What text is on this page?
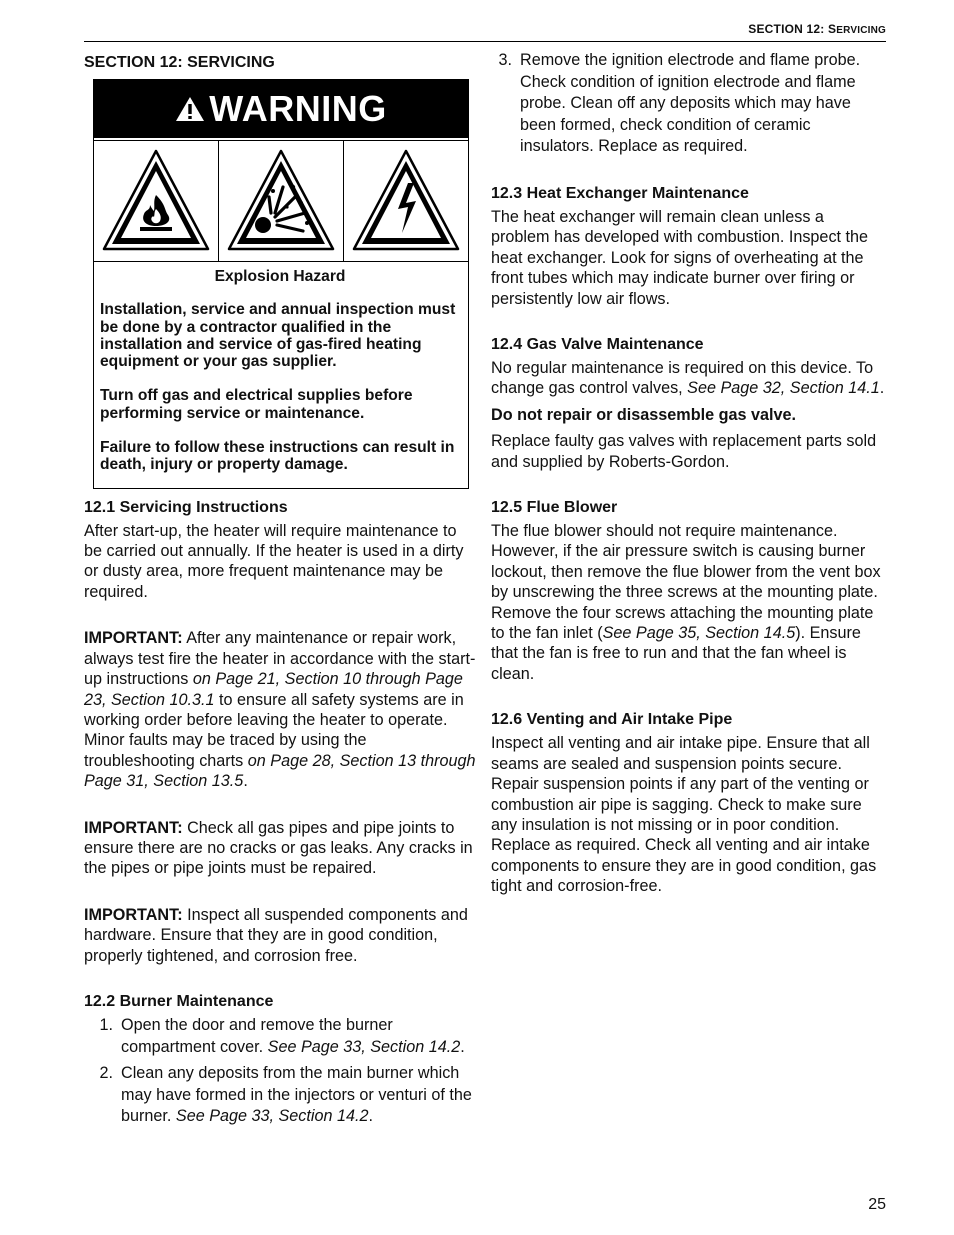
SECTION 12: SERVICING
SECTION 12: SERVICING
WARNING
Explosion Hazard

Installation, service and annual inspection must be done by a contractor qualified in the installation and service of gas-fired heating equipment or your gas supplier.

Turn off gas and electrical supplies before performing service or maintenance.

Failure to follow these instructions can result in death, injury or property damage.

12.1 Servicing Instructions

After start-up, the heater will require maintenance to be carried out annually. If the heater is used in a dirty or dusty area, more frequent maintenance may be required.

IMPORTANT: After any maintenance or repair work, always test fire the heater in accordance with the start-up instructions on Page 21, Section 10 through Page 23, Section 10.3.1 to ensure all safety systems are in working order before leaving the heater to operate. Minor faults may be traced by using the troubleshooting charts on Page 28, Section 13 through Page 31, Section 13.5.

IMPORTANT: Check all gas pipes and pipe joints to ensure there are no cracks or gas leaks. Any cracks in the pipes or pipe joints must be repaired.

IMPORTANT: Inspect all suspended components and hardware. Ensure that they are in good condition, properly tightened, and corrosion free.

12.2 Burner Maintenance
1. Open the door and remove the burner compartment cover. See Page 33, Section 14.2.
2. Clean any deposits from the main burner which may have formed in the injectors or venturi of the burner. See Page 33, Section 14.2.
3. Remove the ignition electrode and flame probe. Check condition of ignition electrode and flame probe. Clean off any deposits which may have been formed, check condition of ceramic insulators. Replace as required.
12.3 Heat Exchanger Maintenance

The heat exchanger will remain clean unless a problem has developed with combustion. Inspect the heat exchanger. Look for signs of overheating at the front tubes which may indicate burner over firing or persistently low air flows.

12.4 Gas Valve Maintenance

No regular maintenance is required on this device. To change gas control valves, See Page 32, Section 14.1.

Do not repair or disassemble gas valve.

Replace faulty gas valves with replacement parts sold and supplied by Roberts-Gordon.

12.5 Flue Blower

The flue blower should not require maintenance. However, if the air pressure switch is causing burner lockout, then remove the flue blower from the vent box by unscrewing the three screws at the mounting plate. Remove the four screws attaching the mounting plate to the fan inlet (See Page 35, Section 14.5). Ensure that the fan is free to run and that the fan wheel is clean.

12.6 Venting and Air Intake Pipe

Inspect all venting and air intake pipe. Ensure that all seams are sealed and suspension points secure. Repair suspension points if any part of the venting or combustion air pipe is sagging. Check to make sure any insulation is not missing or in poor condition. Replace as required. Check all venting and air intake components to ensure they are in good condition, gas tight and corrosion-free.

25
